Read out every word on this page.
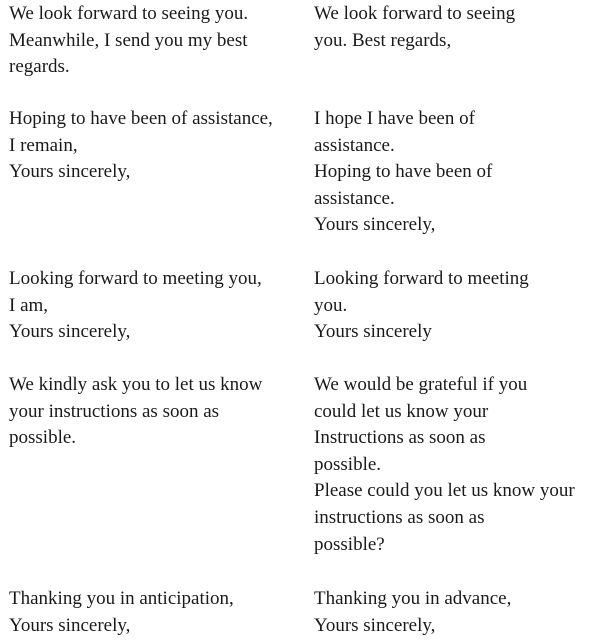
We look forward to seeing you.
Meanwhile, I send you my best
regards.
We look forward to seeing
you. Best regards,
Hoping to have been of assistance,
I remain,
Yours sincerely,
I hope I have been of
assistance.
Hoping to have been of
assistance.
Yours sincerely,
Looking forward to meeting you,
I am,
Yours sincerely,
Looking forward to meeting
you.
Yours sincerely
We kindly ask you to let us know
your instructions as soon as
possible.
We would be grateful if you
could let us know your
Instructions as soon as
possible.
Please could you let us know your
instructions as soon as
possible?
Thanking you in anticipation,
Yours sincerely,
Thanking you in advance,
Yours sincerely,
